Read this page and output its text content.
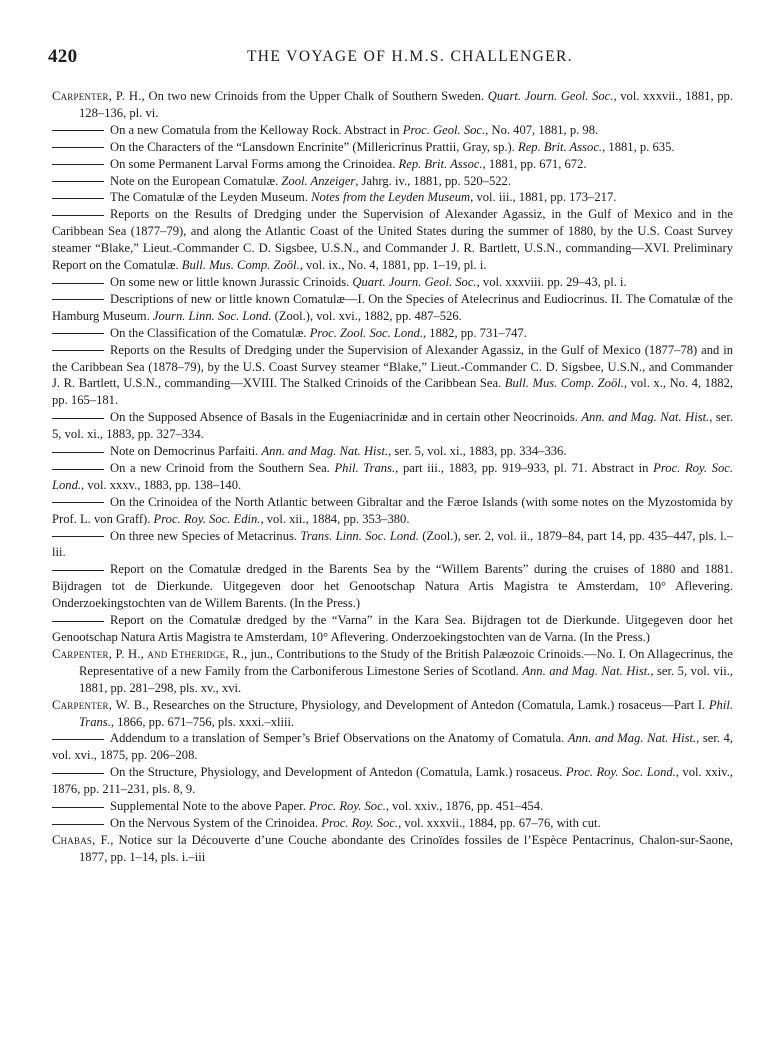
420	THE VOYAGE OF H.M.S. CHALLENGER.

Carpenter, P. H., On two new Crinoids from the Upper Chalk of Southern Sweden. Quart. Journ. Geol. Soc., vol. xxxvii., 1881, pp. 128–136, pl. vi.

On a new Comatula from the Kelloway Rock. Abstract in Proc. Geol. Soc., No. 407, 1881, p. 98.

On the Characters of the “Lansdown Encrinite” (Millericrinus Prattii, Gray, sp.). Rep. Brit. Assoc., 1881, p. 635.

On some Permanent Larval Forms among the Crinoidea. Rep. Brit. Assoc., 1881, pp. 671, 672.

Note on the European Comatulæ. Zool. Anzeiger, Jahrg. iv., 1881, pp. 520–522.

The Comatulæ of the Leyden Museum. Notes from the Leyden Museum, vol. iii., 1881, pp. 173–217.

Reports on the Results of Dredging under the Supervision of Alexander Agassiz, in the Gulf of Mexico and in the Caribbean Sea (1877–79), and along the Atlantic Coast of the United States during the summer of 1880, by the U.S. Coast Survey steamer “Blake,” Lieut.-Commander C. D. Sigsbee, U.S.N., and Commander J. R. Bartlett, U.S.N., commanding—XVI. Preliminary Report on the Comatulæ. Bull. Mus. Comp. Zoöl., vol. ix., No. 4, 1881, pp. 1–19, pl. i.

On some new or little known Jurassic Crinoids. Quart. Journ. Geol. Soc., vol. xxxviii. pp. 29–43, pl. i.

Descriptions of new or little known Comatulæ—I. On the Species of Atelecrinus and Eudiocrinus. II. The Comatulæ of the Hamburg Museum. Journ. Linn. Soc. Lond. (Zool.), vol. xvi., 1882, pp. 487–526.

On the Classification of the Comatulæ. Proc. Zool. Soc. Lond., 1882, pp. 731–747.

Reports on the Results of Dredging under the Supervision of Alexander Agassiz, in the Gulf of Mexico (1877–78) and in the Caribbean Sea (1878–79), by the U.S. Coast Survey steamer “Blake,” Lieut.-Commander C. D. Sigsbee, U.S.N., and Commander J. R. Bartlett, U.S.N., commanding—XVIII. The Stalked Crinoids of the Caribbean Sea. Bull. Mus. Comp. Zoöl., vol. x., No. 4, 1882, pp. 165–181.

On the Supposed Absence of Basals in the Eugeniacrinidæ and in certain other Neocrinoids. Ann. and Mag. Nat. Hist., ser. 5, vol. xi., 1883, pp. 327–334.

Note on Democrinus Parfaiti. Ann. and Mag. Nat. Hist., ser. 5, vol. xi., 1883, pp. 334–336.

On a new Crinoid from the Southern Sea. Phil. Trans., part iii., 1883, pp. 919–933, pl. 71. Abstract in Proc. Roy. Soc. Lond., vol. xxxv., 1883, pp. 138–140.

On the Crinoidea of the North Atlantic between Gibraltar and the Færoe Islands (with some notes on the Myzostomida by Prof. L. von Graff). Proc. Roy. Soc. Edin., vol. xii., 1884, pp. 353–380.

On three new Species of Metacrinus. Trans. Linn. Soc. Lond. (Zool.), ser. 2, vol. ii., 1879–84, part 14, pp. 435–447, pls. l.–lii.

Report on the Comatulæ dredged in the Barents Sea by the “Willem Barents” during the cruises of 1880 and 1881. Bijdragen tot de Dierkunde. Uitgegeven door het Genootschap Natura Artis Magistra te Amsterdam, 10° Aflevering. Onderzoekingstochten van de Willem Barents. (In the Press.)

Report on the Comatulæ dredged by the “Varna” in the Kara Sea. Bijdragen tot de Dierkunde. Uitgegeven door het Genootschap Natura Artis Magistra te Amsterdam, 10° Aflevering. Onderzoekingstochten van de Varna. (In the Press.)

Carpenter, P. H., and Etheridge, R., jun., Contributions to the Study of the British Palæozoic Crinoids.—No. I. On Allagecrinus, the Representative of a new Family from the Carboniferous Limestone Series of Scotland. Ann. and Mag. Nat. Hist., ser. 5, vol. vii., 1881, pp. 281–298, pls. xv., xvi.

Carpenter, W. B., Researches on the Structure, Physiology, and Development of Antedon (Comatula, Lamk.) rosaceus—Part I. Phil. Trans., 1866, pp. 671–756, pls. xxxi.–xliii.

Addendum to a translation of Semper’s Brief Observations on the Anatomy of Comatula. Ann. and Mag. Nat. Hist., ser. 4, vol. xvi., 1875, pp. 206–208.

On the Structure, Physiology, and Development of Antedon (Comatula, Lamk.) rosaceus. Proc. Roy. Soc. Lond., vol. xxiv., 1876, pp. 211–231, pls. 8, 9.

Supplemental Note to the above Paper. Proc. Roy. Soc., vol. xxiv., 1876, pp. 451–454.

On the Nervous System of the Crinoidea. Proc. Roy. Soc., vol. xxxvii., 1884, pp. 67–76, with cut.

Chabas, F., Notice sur la Découverte d’une Couche abondante des Crinoïdes fossiles de l’Espèce Pentacrinus, Chalon-sur-Saone, 1877, pp. 1–14, pls. i.–iii
